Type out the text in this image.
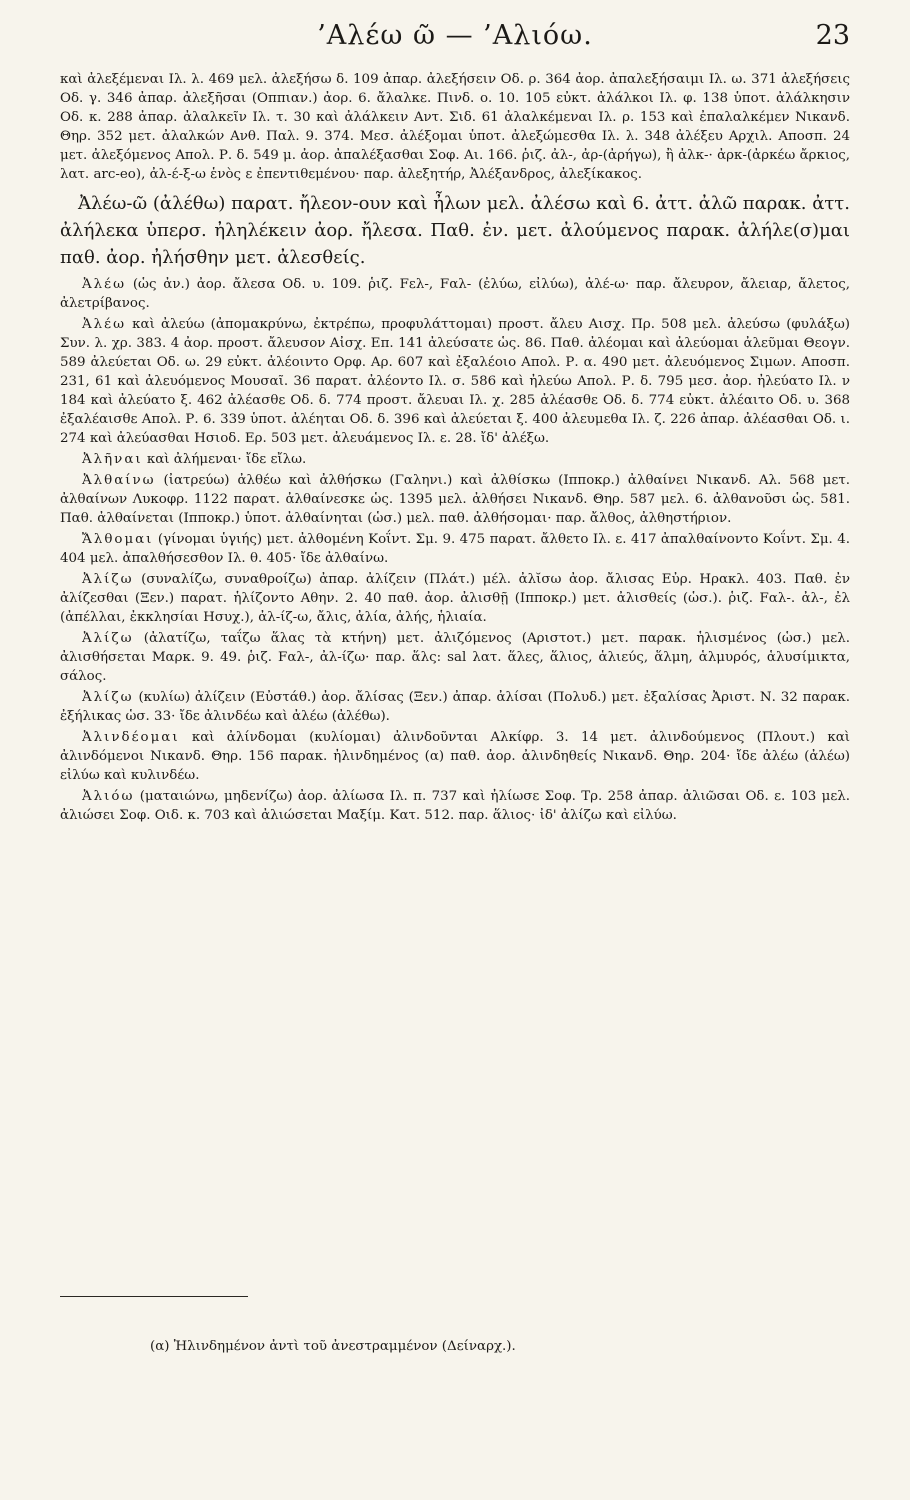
’Αλέω ῶ — ’Αλιόω.	23

καὶ ἀλεξέμεναι Ιλ. λ. 469 μελ. ἀλεξήσω δ. 109 ἀπαρ. ἀλεξήσειν Οδ. ρ. 364 ἀορ. ἀπαλεξήσαιμι Ιλ. ω. 371 ἀλεξήσεις Οδ. γ. 346 ἀπαρ. ἀλεξῆσαι (Οππιαν.) ἀορ. 6. ἄλαλκε. Πινδ. ο. 10. 105 εὐκτ. ἀλάλκοι Ιλ. φ. 138 ὑποτ. ἀλάλκησιν Οδ. κ. 288 ἀπαρ. ἀλαλκεῖν Ιλ. τ. 30 καὶ ἀλάλκειν Αντ. Σιδ. 61 ἀλαλκέμεναι Ιλ. ρ. 153 καὶ ἐπαλαλκέμεν Νικανδ. Θηρ. 352 μετ. ἀλαλκών Ανθ. Παλ. 9. 374. Μεσ. ἀλέξομαι ὑποτ. ἀλεξώμεσθα Ιλ. λ. 348 ἀλέξευ Αρχιλ. Αποσπ. 24 μετ. ἀλεξόμενος Απολ. Ρ. δ. 549 μ. ἀορ. ἀπαλέξασθαι Σοφ. Αι. 166. ῥιζ. ἀλ-, ἀρ-(ἀρήγω), ἢ ἀλκ-· ἀρκ-(ἀρκέω ἄρκιος, λατ. arc-eo), ἀλ-έ-ξ-ω ἑνὸς ε ἐπεντιθεμένου· παρ. ἀλεξητήρ, Ἀλέξανδρος, ἀλεξίκακος.

Ἀλέω-ῶ (ἀλέθω) παρατ. ἤλεον-ουν καὶ ἦλων μελ. ἀλέσω καὶ 6. ἀττ. ἀλῶ παρακ. ἀττ. ἀλήλεκα ὑπερσ. ἠληλέκειν ἀορ. ἤλεσα. Παθ. ἐν. μετ. ἀλούμενος παρακ. ἀλήλε(σ)μαι παθ. ἀορ. ἠλήσθην μετ. ἀλεσθείς.

Ἀλέω (ὡς ἀν.) ἀορ. ἄλεσα Οδ. υ. 109. ῥιζ. Fελ-, Fαλ- (ἐλύω, εἰλύω), ἀλέ-ω· παρ. ἄλευρον, ἄλειαρ, ἄλετος, ἀλετρίβανος.

Ἀλέω καὶ ἀλεύω (ἀπομακρύνω, ἐκτρέπω, προφυλάττομαι) προστ. ἄλευ Αισχ. Πρ. 508 μελ. ἀλεύσω (φυλάξω) Συν. λ. χρ. 383. 4 ἀορ. προστ. ἄλευσον Αἰσχ. Επ. 141 ἀλεύσατε ὡς. 86. Παθ. ἀλέομαι καὶ ἀλεύομαι ἀλεῦμαι Θεογν. 589 ἀλεύεται Οδ. ω. 29 εὐκτ. ἀλέοιντο Ορφ. Αρ. 607 καὶ ἐξαλέοιο Απολ. Ρ. α. 490 μετ. ἀλευόμενος Σιμων. Αποσπ. 231, 61 καὶ ἀλευόμενος Μουσαῖ. 36 παρατ. ἀλέοντο Ιλ. σ. 586 καὶ ἠλεύω Απολ. Ρ. δ. 795 μεσ. ἀορ. ἠλεύατο Ιλ. ν 184 καὶ ἀλεύατο ξ. 462 ἀλέασθε Οδ. δ. 774 προστ. ἄλευαι Ιλ. χ. 285 ἀλέασθε Οδ. δ. 774 εὐκτ. ἀλέαιτο Οδ. υ. 368 ἐξαλέαισθε Απολ. Ρ. 6. 339 ὑποτ. ἀλέηται Οδ. δ. 396 καὶ ἀλεύεται ξ. 400 ἀλευμεθα Ιλ. ζ. 226 ἀπαρ. ἀλέασθαι Οδ. ι. 274 καὶ ἀλεύασθαι Ησιοδ. Ερ. 503 μετ. ἀλευάμενος Ιλ. ε. 28. ἴδ' ἀλέξω.

Ἀλῆναι καὶ ἀλήμεναι· ἴδε εἴλω.

Ἀλθαίνω (ἰατρεύω) ἀλθέω καὶ ἀλθήσκω (Γαληνι.) καὶ ἀλθίσκω (Ιπποκρ.) ἀλθαίνει Νικανδ. Αλ. 568 μετ. ἀλθαίνων Λυκοφρ. 1122 παρατ. ἀλθαίνεσκε ὡς. 1395 μελ. ἀλθήσει Νικανδ. Θηρ. 587 μελ. 6. ἀλθανοῦσι ὡς. 581. Παθ. ἀλθαίνεται (Ιπποκρ.) ὑποτ. ἀλθαίνηται (ὡσ.) μελ. παθ. ἀλθήσομαι· παρ. ἄλθος, ἀλθηστήριον.

Ἄλθομαι (γίνομαι ὑγιής) μετ. ἀλθομένη Κοΐντ. Σμ. 9. 475 παρατ. ἄλθετο Ιλ. ε. 417 ἀπαλθαίνοντο Κοΐντ. Σμ. 4. 404 μελ. ἀπαλθήσεσθον Ιλ. θ. 405· ἴδε ἀλθαίνω.

Ἀλίζω (συναλίζω, συναθροίζω) ἀπαρ. ἀλίζειν (Πλάτ.) μέλ. ἀλῐσω ἀορ. ἄλισας Εὐρ. Ηρακλ. 403. Παθ. ἐν ἀλίζεσθαι (Ξεν.) παρατ. ἡλίζοντο Αθην. 2. 40 παθ. ἀορ. ἀλισθῇ (Ιπποκρ.) μετ. ἀλισθείς (ὡσ.). ῥιζ. Fαλ-. ἀλ-, ἐλ (ἀπέλλαι, ἐκκλησίαι Ησυχ.), ἀλ-ίζ-ω, ἄλις, ἀλία, ἀλής, ἡλιαία.

Ἀλίζω (ἀλατίζω, ταΐζω ἅλας τὰ κτήνη) μετ. ἀλιζόμενος (Αριστοτ.) μετ. παρακ. ἡλισμένος (ὡσ.) μελ. ἀλισθήσεται Μαρκ. 9. 49. ῥιζ. Fαλ-, ἀλ-ίζω· παρ. ἅλς: sal λατ. ἅλες, ἅλιος, ἁλιεύς, ἅλμη, ἁλμυρός, ἁλυσίμικτα, σάλος.

Ἀλίζω (κυλίω) ἀλίζειν (Εὐστάθ.) ἀορ. ἄλίσας (Ξεν.) ἀπαρ. ἀλίσαι (Πολυδ.) μετ. ἐξαλίσας Ἀριστ. Ν. 32 παρακ. ἐξήλικας ὡσ. 33· ἴδε ἀλινδέω καὶ ἀλέω (ἀλέθω).

Ἀλινδέομαι καὶ ἀλίνδομαι (κυλίομαι) ἀλινδοῦνται Αλκίφρ. 3. 14 μετ. ἀλινδούμενος (Πλουτ.) καὶ ἀλινδόμενοι Νικανδ. Θηρ. 156 παρακ. ἠλινδημένος (α) παθ. ἀορ. ἀλινδηθείς Νικανδ. Θηρ. 204· ἴδε ἀλέω (ἀλέω) εἰλύω καὶ κυλινδέω.

Ἀλιόω (ματαιώνω, μηδενίζω) ἀορ. ἀλίωσα Ιλ. π. 737 καὶ ἠλίωσε Σοφ. Τρ. 258 ἀπαρ. ἀλιῶσαι Οδ. ε. 103 μελ. ἀλιώσει Σοφ. Οιδ. κ. 703 καὶ ἀλιώσεται Μαξίμ. Κατ. 512. παρ. ἅλιος· ἰδ' ἀλίζω καὶ εἰλύω.

(α) Ἠλινδημένον ἀντὶ τοῦ ἀνεστραμμένον (Δείναρχ.).
